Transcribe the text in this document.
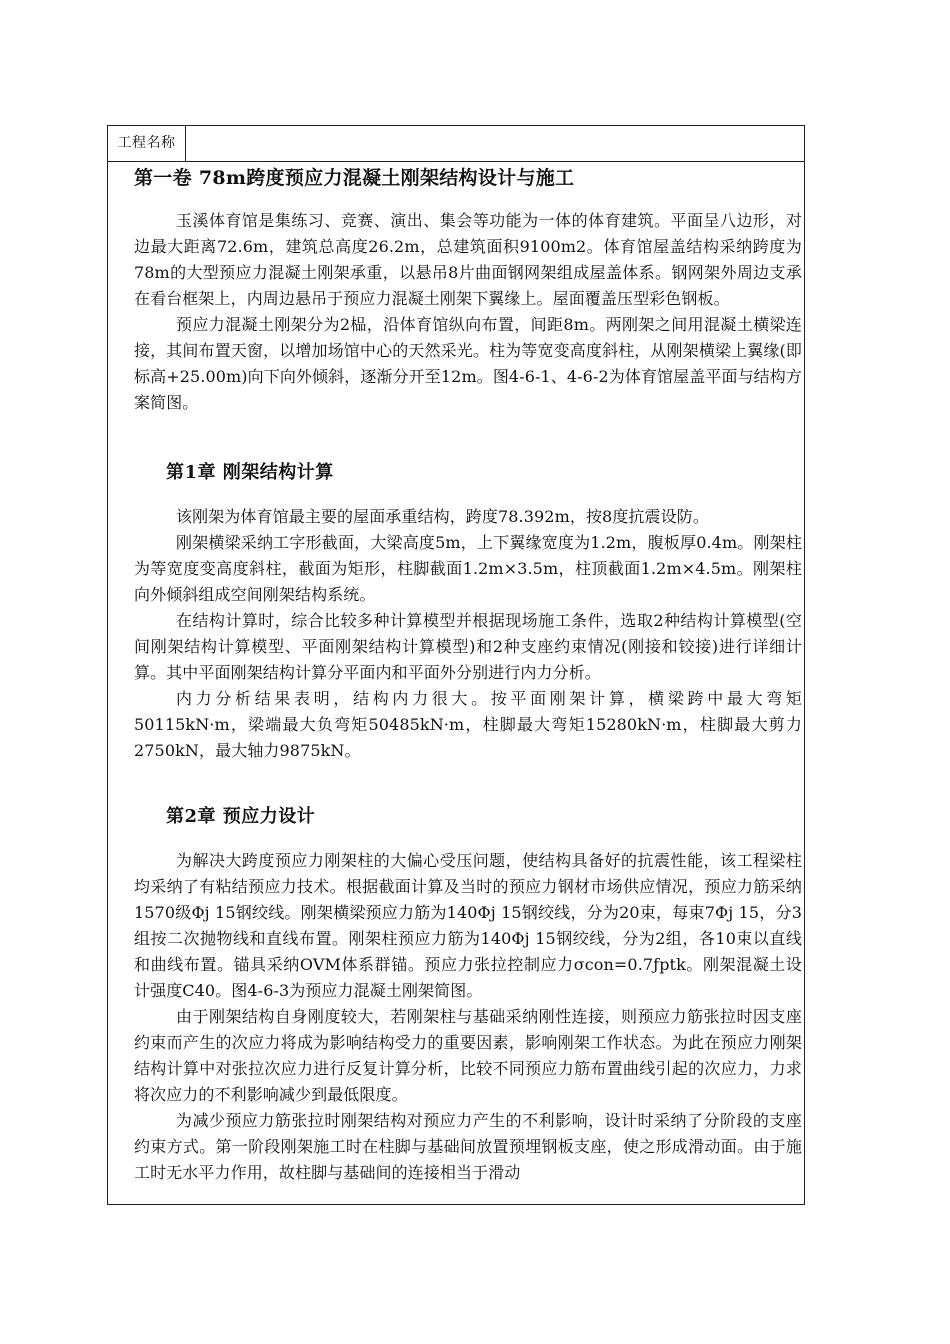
工程名称
第一卷 78m跨度预应力混凝土刚架结构设计与施工

玉溪体育馆是集练习、竞赛、演出、集会等功能为一体的体育建筑。平面呈八边形，对边最大距离72.6m，建筑总高度26.2m，总建筑面积9100m2。体育馆屋盖结构采纳跨度为78m的大型预应力混凝土刚架承重，以悬吊8片曲面钢网架组成屋盖体系。钢网架外周边支承在看台框架上，内周边悬吊于预应力混凝土刚架下翼缘上。屋面覆盖压型彩色钢板。

预应力混凝土刚架分为2榀，沿体育馆纵向布置，间距8m。两刚架之间用混凝土横梁连接，其间布置天窗，以增加场馆中心的天然采光。柱为等宽变高度斜柱，从刚架横梁上翼缘(即标高+25.00m)向下向外倾斜，逐渐分开至12m。图4-6-1、4-6-2为体育馆屋盖平面与结构方案简图。

第1章 刚架结构计算

该刚架为体育馆最主要的屋面承重结构，跨度78.392m，按8度抗震设防。

刚架横梁采纳工字形截面，大梁高度5m，上下翼缘宽度为1.2m，腹板厚0.4m。刚架柱为等宽度变高度斜柱，截面为矩形，柱脚截面1.2m×3.5m，柱顶截面1.2m×4.5m。刚架柱向外倾斜组成空间刚架结构系统。

在结构计算时，综合比较多种计算模型并根据现场施工条件，选取2种结构计算模型(空间刚架结构计算模型、平面刚架结构计算模型)和2种支座约束情况(刚接和铰接)进行详细计算。其中平面刚架结构计算分平面内和平面外分别进行内力分析。

内力分析结果表明，结构内力很大。按平面刚架计算，横梁跨中最大弯矩50115kN·m，梁端最大负弯矩50485kN·m，柱脚最大弯矩15280kN·m，柱脚最大剪力2750kN，最大轴力9875kN。

第2章 预应力设计

为解决大跨度预应力刚架柱的大偏心受压问题，使结构具备好的抗震性能，该工程梁柱均采纳了有粘结预应力技术。根据截面计算及当时的预应力钢材市场供应情况，预应力筋采纳1570级Φj 15钢绞线。刚架横梁预应力筋为140Φj 15钢绞线，分为20束，每束7Φj 15，分3组按二次抛物线和直线布置。刚架柱预应力筋为140Φj 15钢绞线，分为2组，各10束以直线和曲线布置。锚具采纳OVM体系群锚。预应力张拉控制应力σcon=0.7ƒptk。刚架混凝土设计强度C40。图4-6-3为预应力混凝土刚架简图。

由于刚架结构自身刚度较大，若刚架柱与基础采纳刚性连接，则预应力筋张拉时因支座约束而产生的次应力将成为影响结构受力的重要因素，影响刚架工作状态。为此在预应力刚架结构计算中对张拉次应力进行反复计算分析，比较不同预应力筋布置曲线引起的次应力，力求将次应力的不利影响减少到最低限度。

为减少预应力筋张拉时刚架结构对预应力产生的不利影响，设计时采纳了分阶段的支座约束方式。第一阶段刚架施工时在柱脚与基础间放置预埋钢板支座，使之形成滑动面。由于施工时无水平力作用，故柱脚与基础间的连接相当于滑动
